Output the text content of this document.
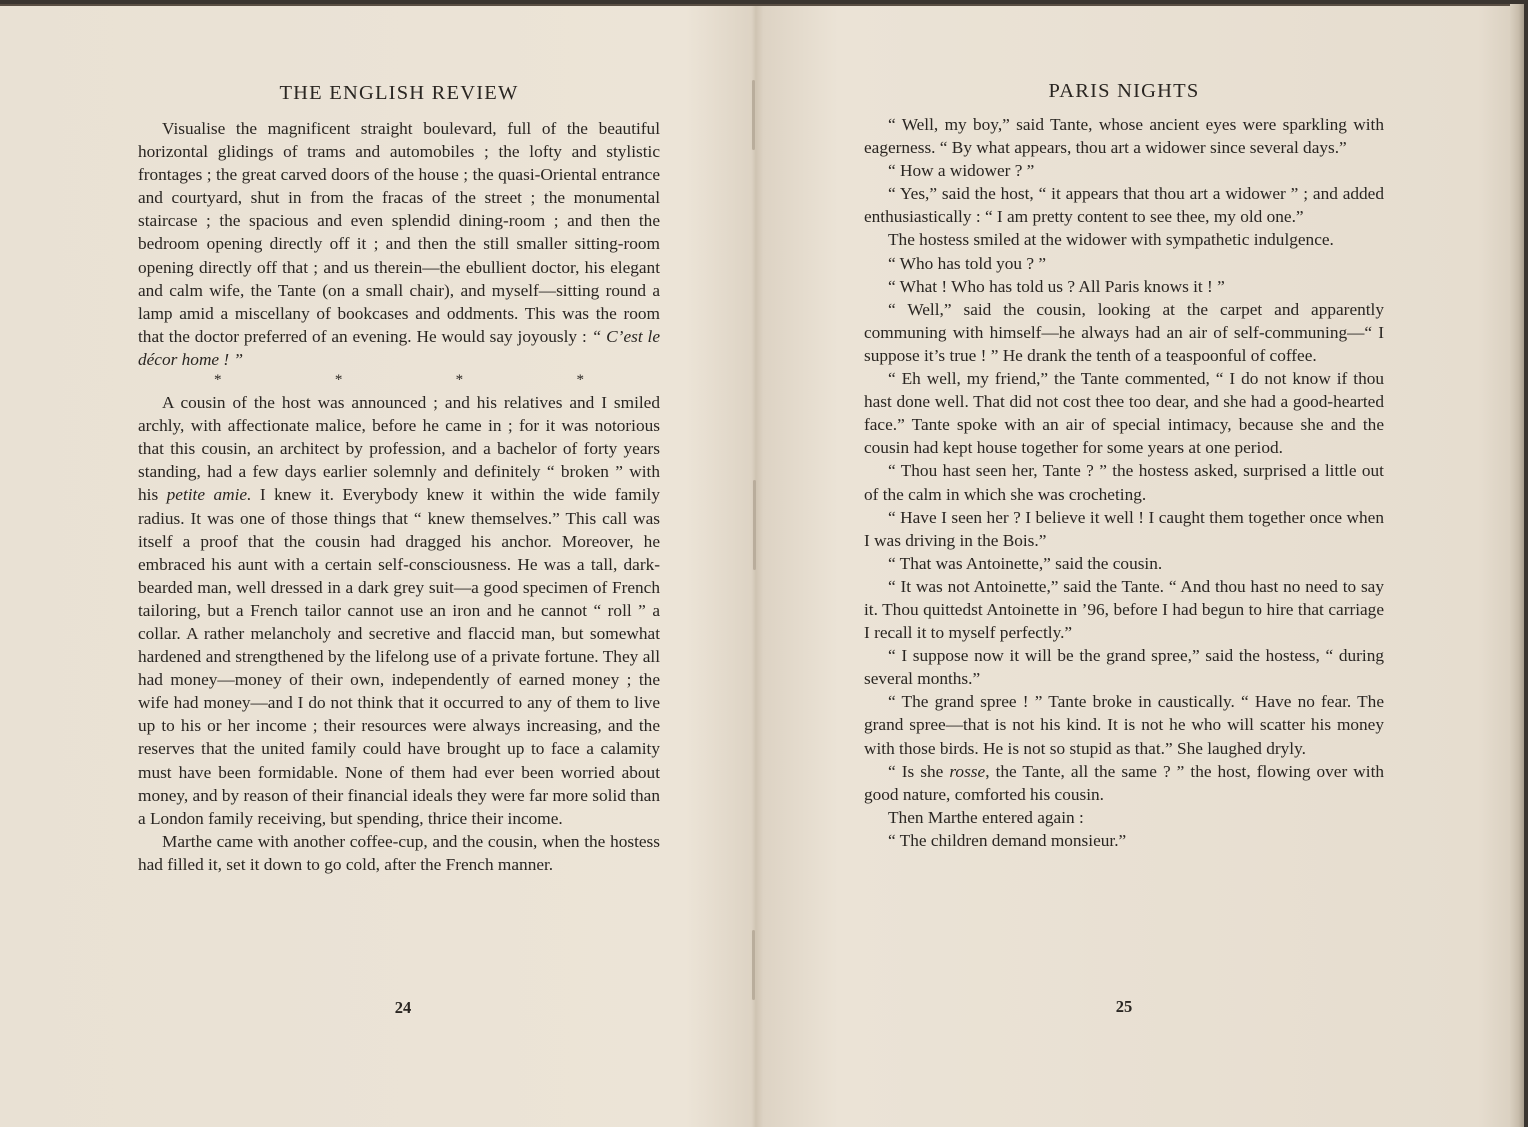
THE ENGLISH REVIEW

Visualise the magnificent straight boulevard, full of the beautiful horizontal glidings of trams and automobiles ; the lofty and stylistic frontages ; the great carved doors of the house ; the quasi-Oriental entrance and courtyard, shut in from the fracas of the street ; the monumental staircase ; the spacious and even splendid dining-room ; and then the bedroom opening directly off it ; and then the still smaller sitting-room opening directly off that ; and us therein—the ebullient doctor, his elegant and calm wife, the Tante (on a small chair), and myself—sitting round a lamp amid a miscellany of bookcases and oddments. This was the room that the doctor preferred of an evening. He would say joyously : “ C’est le décor home ! ”

*	*	*	*

A cousin of the host was announced ; and his relatives and I smiled archly, with affectionate malice, before he came in ; for it was notorious that this cousin, an architect by profession, and a bachelor of forty years standing, had a few days earlier solemnly and definitely “ broken ” with his petite amie. I knew it. Everybody knew it within the wide family radius. It was one of those things that “ knew themselves.” This call was itself a proof that the cousin had dragged his anchor. Moreover, he embraced his aunt with a certain self-consciousness. He was a tall, dark-bearded man, well dressed in a dark grey suit—a good specimen of French tailoring, but a French tailor cannot use an iron and he cannot “ roll ” a collar. A rather melancholy and secretive and flaccid man, but somewhat hardened and strengthened by the lifelong use of a private fortune. They all had money—money of their own, independently of earned money ; the wife had money—and I do not think that it occurred to any of them to live up to his or her income ; their resources were always increasing, and the reserves that the united family could have brought up to face a calamity must have been formidable. None of them had ever been worried about money, and by reason of their financial ideals they were far more solid than a London family receiving, but spending, thrice their income.

Marthe came with another coffee-cup, and the cousin, when the hostess had filled it, set it down to go cold, after the French manner.

24
PARIS NIGHTS

“ Well, my boy,” said Tante, whose ancient eyes were sparkling with eagerness. “ By what appears, thou art a widower since several days.”

“ How a widower ? ”

“ Yes,” said the host, “ it appears that thou art a widower ” ; and added enthusiastically : “ I am pretty content to see thee, my old one.”

The hostess smiled at the widower with sympathetic indulgence.

“ Who has told you ? ”

“ What ! Who has told us ? All Paris knows it ! ”

“ Well,” said the cousin, looking at the carpet and apparently communing with himself—he always had an air of self-communing—“ I suppose it’s true ! ” He drank the tenth of a teaspoonful of coffee.

“ Eh well, my friend,” the Tante commented, “ I do not know if thou hast done well. That did not cost thee too dear, and she had a good-hearted face.” Tante spoke with an air of special intimacy, because she and the cousin had kept house together for some years at one period.

“ Thou hast seen her, Tante ? ” the hostess asked, surprised a little out of the calm in which she was crocheting.

“ Have I seen her ? I believe it well ! I caught them together once when I was driving in the Bois.”

“ That was Antoinette,” said the cousin.

“ It was not Antoinette,” said the Tante. “ And thou hast no need to say it. Thou quittedst Antoinette in ’96, before I had begun to hire that carriage I recall it to myself perfectly.”

“ I suppose now it will be the grand spree,” said the hostess, “ during several months.”

“ The grand spree ! ” Tante broke in caustically. “ Have no fear. The grand spree—that is not his kind. It is not he who will scatter his money with those birds. He is not so stupid as that.” She laughed dryly.

“ Is she rosse, the Tante, all the same ? ” the host, flowing over with good nature, comforted his cousin.

Then Marthe entered again :

“ The children demand monsieur.”

25
